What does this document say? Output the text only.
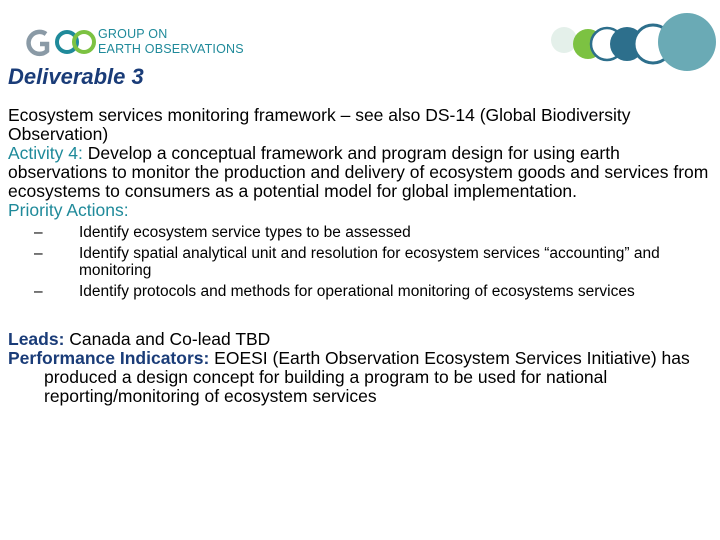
GROUP ON
EARTH OBSERVATIONS
Deliverable 3

Ecosystem services monitoring framework – see also DS-14 (Global Biodiversity Observation)

Activity 4: Develop a conceptual framework and program design for using earth observations to monitor the production and delivery of ecosystem goods and services from ecosystems to consumers as a potential model for global implementation.

Priority Actions:

– Identify ecosystem service types to be assessed
– Identify spatial analytical unit and resolution for ecosystem services “accounting” and monitoring
– Identify protocols and methods for operational monitoring of ecosystems services

Leads: Canada and Co-lead TBD

Performance Indicators: EOESI (Earth Observation Ecosystem Services Initiative) has produced a design concept for building a program to be used for national reporting/monitoring of ecosystem services
